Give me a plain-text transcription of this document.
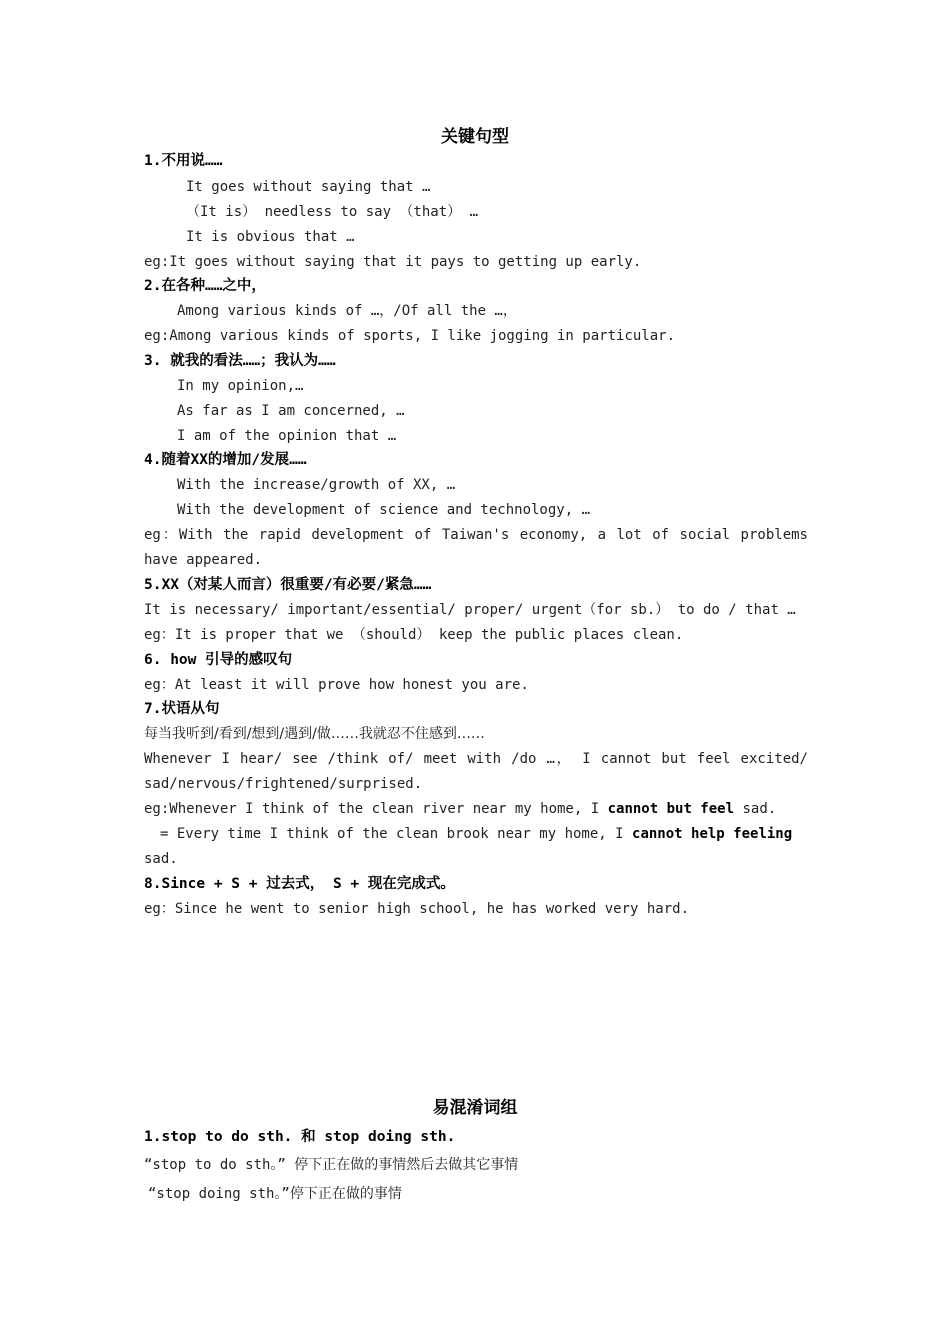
关键句型
1.不用说……
It goes without saying that …
（It is） needless to say （that） …
It is obvious that …
eg:It goes without saying that it pays to getting up early.
2.在各种……之中，
Among various kinds of …，/Of all the …，
eg:Among various kinds of sports, I like jogging in particular.
3. 就我的看法……；我认为……
In my opinion,…
As far as I am concerned, …
I am of the opinion that …
4.随着XX的增加/发展……
With the increase/growth of XX, …
With the development of science and technology, …
eg：With the rapid development of Taiwan's economy, a lot of social problems
have appeared.
5.XX（对某人而言）很重要/有必要/紧急……
It is necessary/ important/essential/ proper/ urgent（for sb.） to do / that …
eg：It is proper that we （should） keep the public places clean.
6. how 引导的感叹句
eg：At least it will prove how honest you are.
7.状语从句
每当我听到/看到/想到/遇到/做……我就忍不住感到……
Whenever I hear/ see /think of/ meet with /do …， I cannot but feel excited/
sad/nervous/frightened/surprised.
eg:Whenever I think of the clean river near my home, I cannot but feel sad.
= Every time I think of the clean brook near my home, I cannot help feeling
sad.
8.Since + S + 过去式， S + 现在完成式。
eg：Since he went to senior high school, he has worked very hard.
易混淆词组
1.stop to do sth. 和 stop doing sth.
“stop to do sth。” 停下正在做的事情然后去做其它事情
“stop doing sth。”停下正在做的事情
